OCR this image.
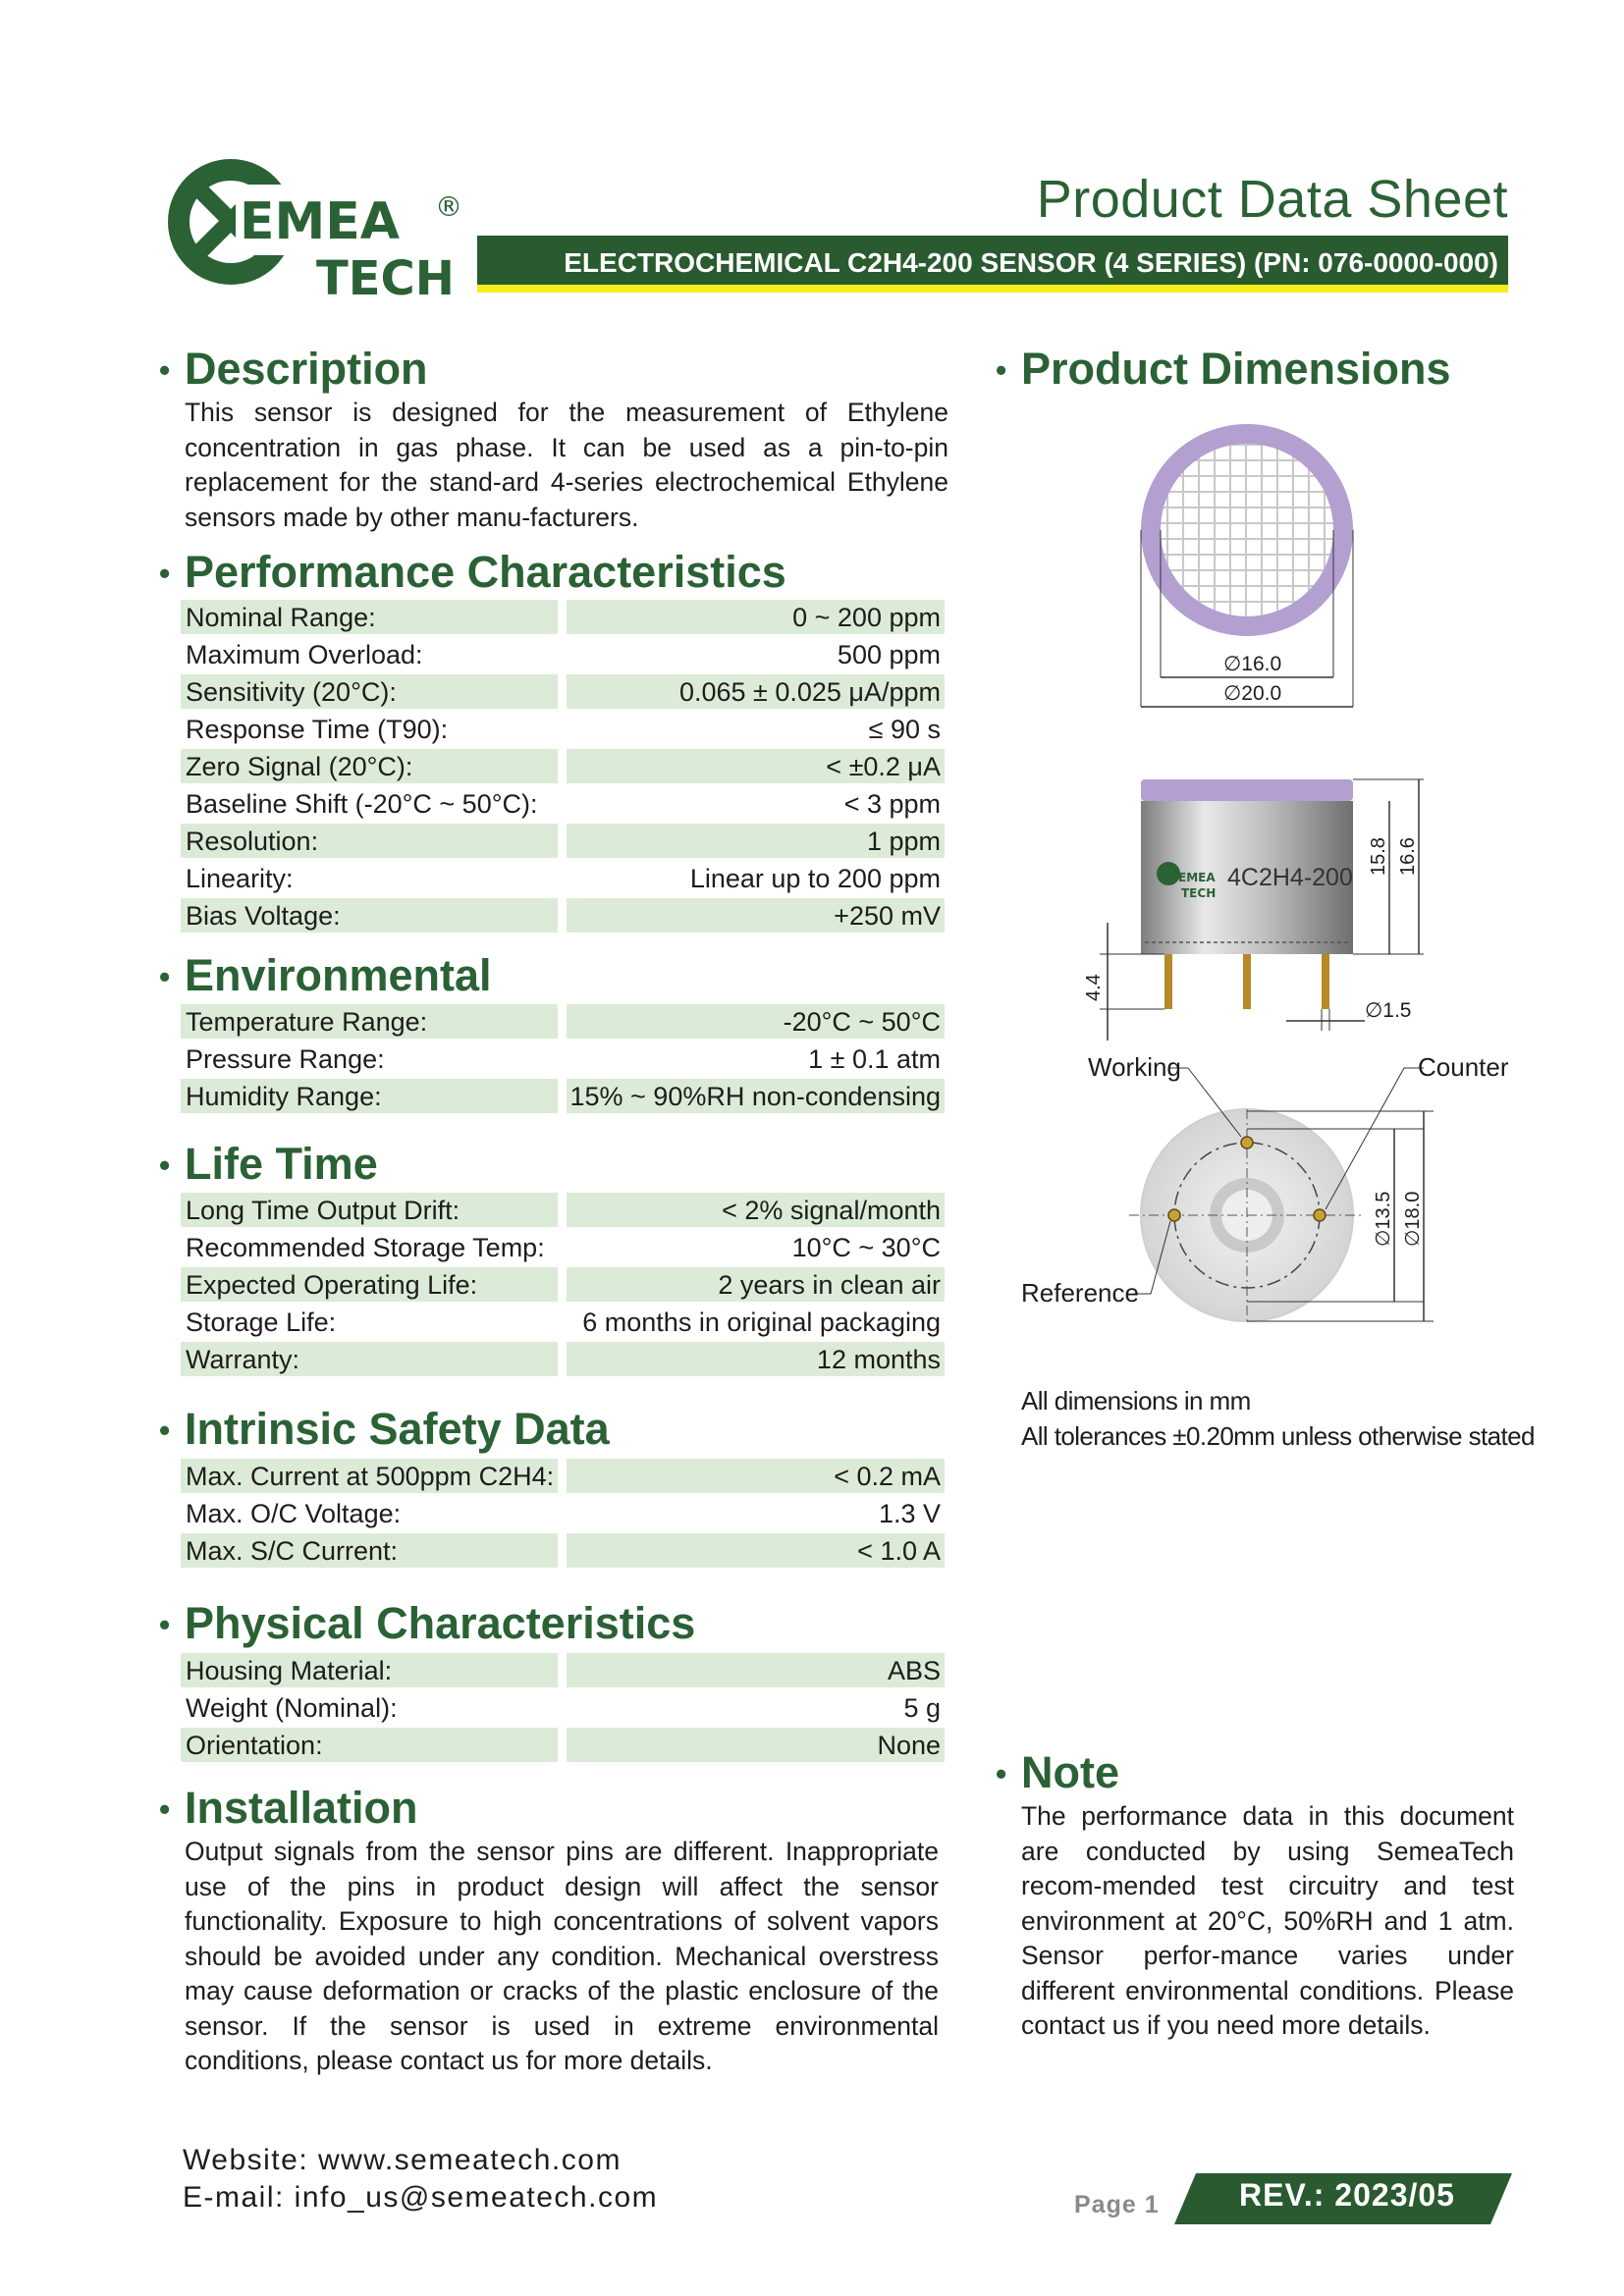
EMEA
TECH
®	Product Data Sheet
ELECTROCHEMICAL C2H4-200 SENSOR (4 SERIES) (PN: 076-0000-000)
• Description
This sensor is designed for the measurement of Ethylene concentration in gas phase. It can be used as a pin-to-pin replacement for the stand-ard 4-series electrochemical Ethylene sensors made by other manu-facturers.
• Performance Characteristics
Nominal Range:	0 ~ 200 ppm
Maximum Overload:	500 ppm
Sensitivity (20°C):	0.065 ± 0.025 μA/ppm
Response Time (T90):	≤ 90 s
Zero Signal (20°C):	< ±0.2 μA
Baseline Shift (-20°C ~ 50°C):	< 3 ppm
Resolution:	1 ppm
Linearity:	Linear up to 200 ppm
Bias Voltage:	+250 mV
• Environmental
Temperature Range:	-20°C ~ 50°C
Pressure Range:	1 ± 0.1 atm
Humidity Range:	15% ~ 90%RH non-condensing
• Life Time
Long Time Output Drift:	< 2% signal/month
Recommended Storage Temp:	10°C ~ 30°C
Expected Operating Life:	2 years in clean air
Storage Life:	6 months in original packaging
Warranty:	12 months
• Intrinsic Safety Data
Max. Current at 500ppm C2H4:	< 0.2 mA
Max. O/C Voltage:	1.3 V
Max. S/C Current:	< 1.0 A
• Physical Characteristics
Housing Material:	ABS
Weight (Nominal):	5 g
Orientation:	None
• Installation
Output signals from the sensor pins are different. Inappropriate use of the pins in product design will affect the sensor functionality. Exposure to high concentrations of solvent vapors should be avoided under any condition. Mechanical overstress may cause deformation or cracks of the plastic enclosure of the sensor. If the sensor is used in extreme environmental conditions, please contact us for more details.
• Product Dimensions
∅16.0
∅20.0
EMEA
TECH
4C2H4-200
15.8 16.6
4.4
∅1.5
∅13.5 ∅18.0
Working	Counter
Reference
All dimensions in mm
All tolerances ±0.20mm unless otherwise stated
• Note
The performance data in this document are conducted by using SemeaTech recom-mended test circuitry and test environment at 20°C, 50%RH and 1 atm. Sensor perfor-mance varies under different environmental conditions. Please contact us if you need more details.
Website: www.semeatech.com
E-mail: info_us@semeatech.com	Page 1	REV.: 2023/05
